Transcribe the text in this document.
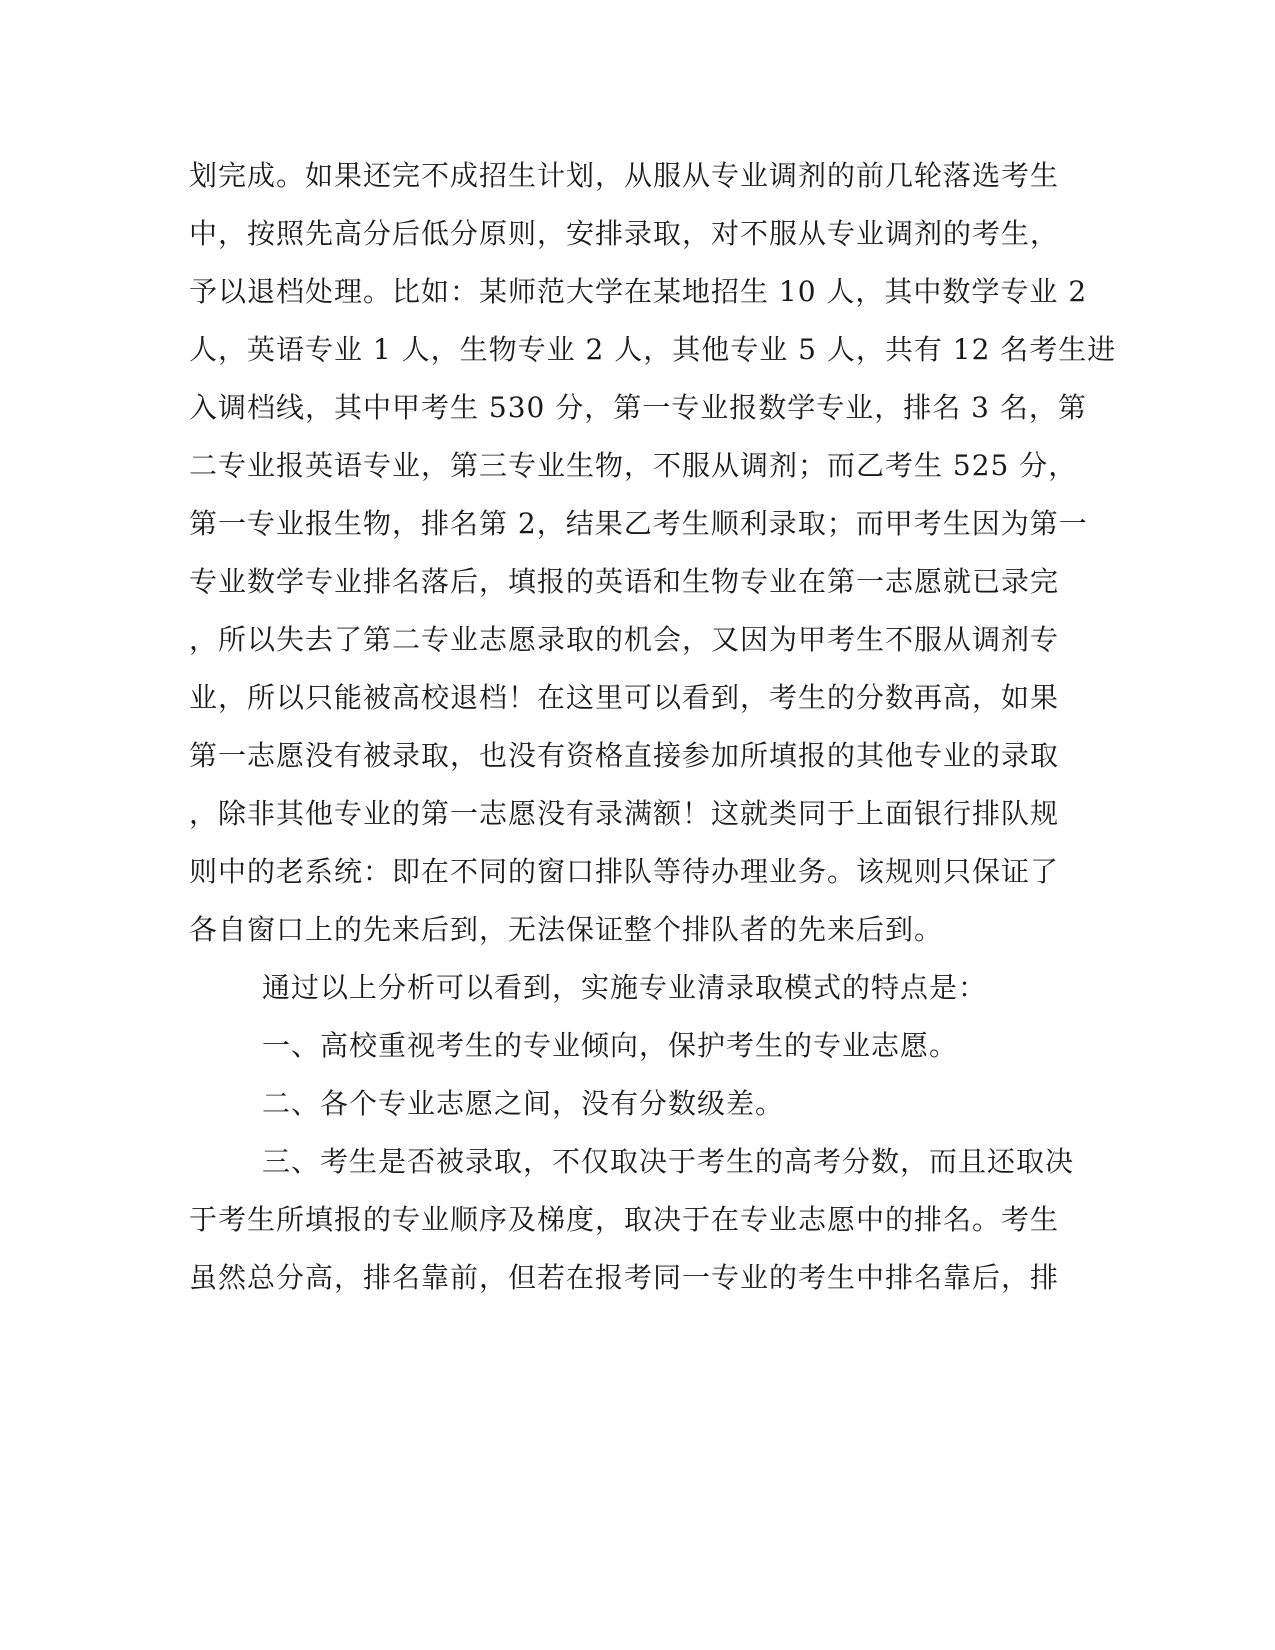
划完成。如果还完不成招生计划，从服从专业调剂的前几轮落选考生
中，按照先高分后低分原则，安排录取，对不服从专业调剂的考生，
予以退档处理。比如：某师范大学在某地招生 10 人，其中数学专业 2
人，英语专业 1 人，生物专业 2 人，其他专业 5 人，共有 12 名考生进
入调档线，其中甲考生 530 分，第一专业报数学专业，排名 3 名，第
二专业报英语专业，第三专业生物，不服从调剂；而乙考生 525 分，
第一专业报生物，排名第 2，结果乙考生顺利录取；而甲考生因为第一
专业数学专业排名落后，填报的英语和生物专业在第一志愿就已录完
，所以失去了第二专业志愿录取的机会，又因为甲考生不服从调剂专
业，所以只能被高校退档！在这里可以看到，考生的分数再高，如果
第一志愿没有被录取，也没有资格直接参加所填报的其他专业的录取
，除非其他专业的第一志愿没有录满额！这就类同于上面银行排队规
则中的老系统：即在不同的窗口排队等待办理业务。该规则只保证了
各自窗口上的先来后到，无法保证整个排队者的先来后到。
通过以上分析可以看到，实施专业清录取模式的特点是：
一、高校重视考生的专业倾向，保护考生的专业志愿。
二、各个专业志愿之间，没有分数级差。
三、考生是否被录取，不仅取决于考生的高考分数，而且还取决
于考生所填报的专业顺序及梯度，取决于在专业志愿中的排名。考生
虽然总分高，排名靠前，但若在报考同一专业的考生中排名靠后，排
